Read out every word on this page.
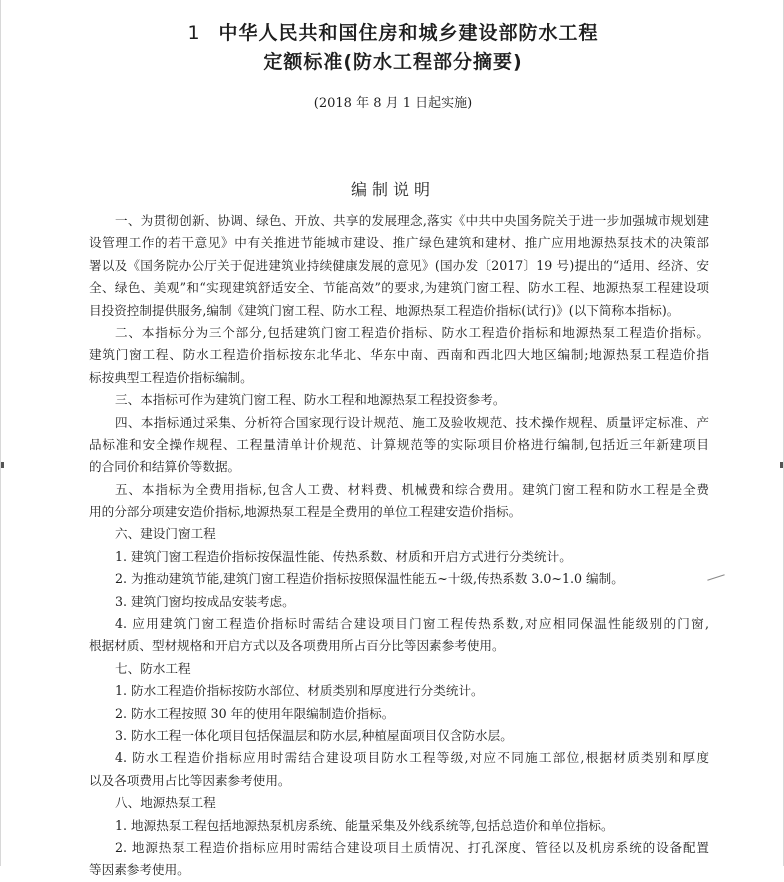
1 中华人民共和国住房和城乡建设部防水工程
定额标准(防水工程部分摘要)
(2018 年 8 月 1 日起实施)
编制说明
一、为贯彻创新、协调、绿色、开放、共享的发展理念,落实《中共中央国务院关于进一步加强城市规划建
设管理工作的若干意见》中有关推进节能城市建设、推广绿色建筑和建材、推广应用地源热泵技术的决策部
署以及《国务院办公厅关于促进建筑业持续健康发展的意见》(国办发〔2017〕19 号)提出的“适用、经济、安
全、绿色、美观”和“实现建筑舒适安全、节能高效”的要求,为建筑门窗工程、防水工程、地源热泵工程建设项
目投资控制提供服务,编制《建筑门窗工程、防水工程、地源热泵工程造价指标(试行)》(以下简称本指标)。
二、本指标分为三个部分,包括建筑门窗工程造价指标、防水工程造价指标和地源热泵工程造价指标。
建筑门窗工程、防水工程造价指标按东北华北、华东中南、西南和西北四大地区编制;地源热泵工程造价指
标按典型工程造价指标编制。
三、本指标可作为建筑门窗工程、防水工程和地源热泵工程投资参考。
四、本指标通过采集、分析符合国家现行设计规范、施工及验收规范、技术操作规程、质量评定标准、产
品标准和安全操作规程、工程量清单计价规范、计算规范等的实际项目价格进行编制,包括近三年新建项目
的合同价和结算价等数据。
五、本指标为全费用指标,包含人工费、材料费、机械费和综合费用。建筑门窗工程和防水工程是全费
用的分部分项建安造价指标,地源热泵工程是全费用的单位工程建安造价指标。
六、建设门窗工程
1. 建筑门窗工程造价指标按保温性能、传热系数、材质和开启方式进行分类统计。
2. 为推动建筑节能,建筑门窗工程造价指标按照保温性能五~十级,传热系数 3.0~1.0 编制。
3. 建筑门窗均按成品安装考虑。
4. 应用建筑门窗工程造价指标时需结合建设项目门窗工程传热系数,对应相同保温性能级别的门窗,
根据材质、型材规格和开启方式以及各项费用所占百分比等因素参考使用。
七、防水工程
1. 防水工程造价指标按防水部位、材质类别和厚度进行分类统计。
2. 防水工程按照 30 年的使用年限编制造价指标。
3. 防水工程一体化项目包括保温层和防水层,种植屋面项目仅含防水层。
4. 防水工程造价指标应用时需结合建设项目防水工程等级,对应不同施工部位,根据材质类别和厚度
以及各项费用占比等因素参考使用。
八、地源热泵工程
1. 地源热泵工程包括地源热泵机房系统、能量采集及外线系统等,包括总造价和单位指标。
2. 地源热泵工程造价指标应用时需结合建设项目土质情况、打孔深度、管径以及机房系统的设备配置
等因素参考使用。
